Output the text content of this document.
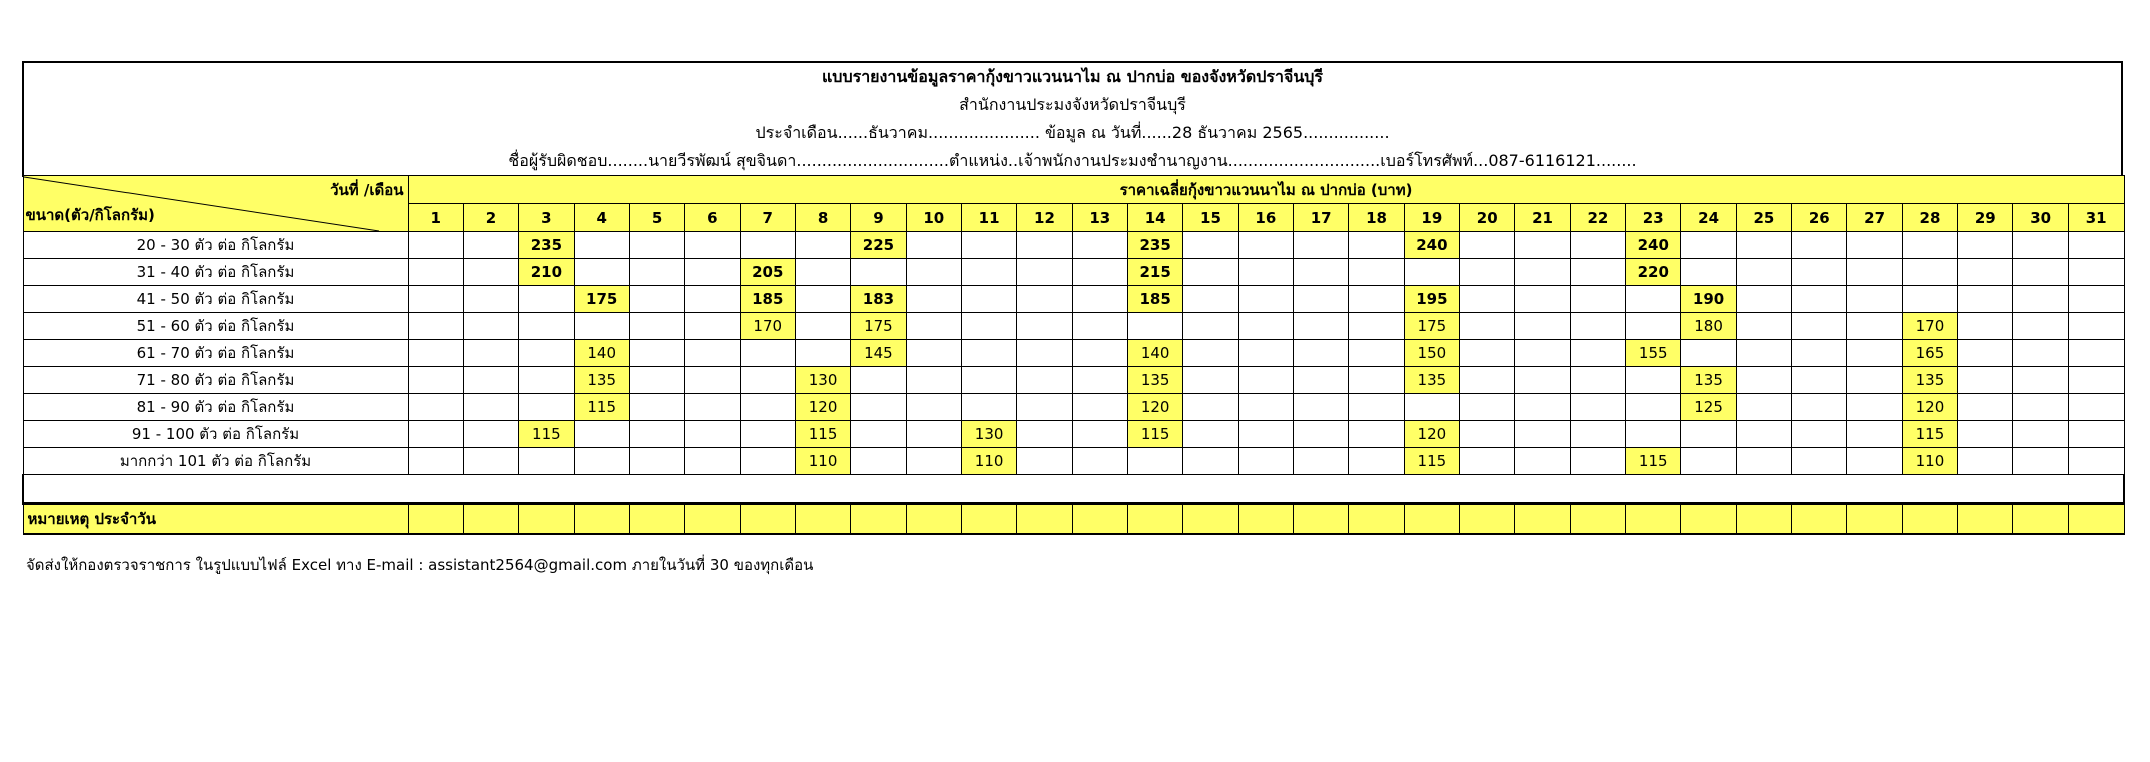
แบบรายงานข้อมูลราคากุ้งขาวแวนนาไม ณ ปากบ่อ ของจังหวัดปราจีนบุรี
สำนักงานประมงจังหวัดปราจีนบุรี
ประจำเดือน......ธันวาคม...................... ข้อมูล ณ วันที่......28 ธันวาคม 2565.................
ชื่อผู้รับผิดชอบ........นายวีรพัฒน์ สุขจินดา..............................ตำแหน่ง..เจ้าพนักงานประมงชำนาญงาน..............................เบอร์โทรศัพท์...087-6116121........
วันที่ /เดือน
ขนาด(ตัว/กิโลกรัม)	ราคาเฉลี่ยกุ้งขาวแวนนาไม ณ ปากบ่อ (บาท)																														
	1	2	3	4	5	6	7	8	9	10	11	12	13	14	15	16	17	18	19	20	21	22	23	24	25	26	27	28	29	30	31
20 - 30 ตัว ต่อ กิโลกรัม			235						225					235					240				240								
31 - 40 ตัว ต่อ กิโลกรัม			210				205							215									220								
41 - 50 ตัว ต่อ กิโลกรัม				175			185		183					185					195					190							
51 - 60 ตัว ต่อ กิโลกรัม							170		175										175					180				170			
61 - 70 ตัว ต่อ กิโลกรัม				140					145					140					150				155					165			
71 - 80 ตัว ต่อ กิโลกรัม				135				130						135					135					135				135			
81 - 90 ตัว ต่อ กิโลกรัม				115				120						120										125				120			
91 - 100 ตัว ต่อ กิโลกรัม			115					115			130			115					120									115			
มากกว่า 101 ตัว ต่อ กิโลกรัม								110			110								115				115					110			

หมายเหตุ ประจำวัน																															
จัดส่งให้กองตรวจราชการ ในรูปแบบไฟล์ Excel ทาง E-mail : assistant2564@gmail.com ภายในวันที่ 30 ของทุกเดือน
